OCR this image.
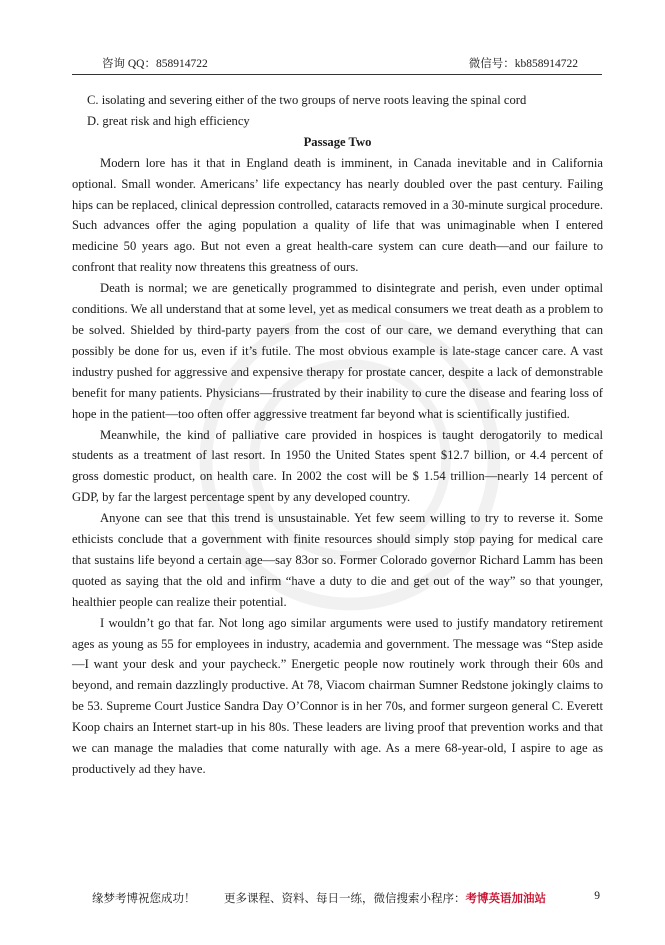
咨询 QQ：858914722	微信号：kb858914722
C. isolating and severing either of the two groups of nerve roots leaving the spinal cord
D. great risk and high efficiency
Passage Two

Modern lore has it that in England death is imminent, in Canada inevitable and in California optional. Small wonder. Americans’ life expectancy has nearly doubled over the past century. Failing hips can be replaced, clinical depression controlled, cataracts removed in a 30-minute surgical procedure. Such advances offer the aging population a quality of life that was unimaginable when I entered medicine 50 years ago. But not even a great health-care system can cure death—and our failure to confront that reality now threatens this greatness of ours.

Death is normal; we are genetically programmed to disintegrate and perish, even under optimal conditions. We all understand that at some level, yet as medical consumers we treat death as a problem to be solved. Shielded by third-party payers from the cost of our care, we demand everything that can possibly be done for us, even if it’s futile. The most obvious example is late-stage cancer care. A vast industry pushed for aggressive and expensive therapy for prostate cancer, despite a lack of demonstrable benefit for many patients. Physicians—frustrated by their inability to cure the disease and fearing loss of hope in the patient—too often offer aggressive treatment far beyond what is scientifically justified.

Meanwhile, the kind of palliative care provided in hospices is taught derogatorily to medical students as a treatment of last resort. In 1950 the United States spent $12.7 billion, or 4.4 percent of gross domestic product, on health care. In 2002 the cost will be $ 1.54 trillion—nearly 14 percent of GDP, by far the largest percentage spent by any developed country.

Anyone can see that this trend is unsustainable. Yet few seem willing to try to reverse it. Some ethicists conclude that a government with finite resources should simply stop paying for medical care that sustains life beyond a certain age—say 83or so. Former Colorado governor Richard Lamm has been quoted as saying that the old and infirm “have a duty to die and get out of the way” so that younger, healthier people can realize their potential.

I wouldn’t go that far. Not long ago similar arguments were used to justify mandatory retirement ages as young as 55 for employees in industry, academia and government. The message was “Step aside—I want your desk and your paycheck.” Energetic people now routinely work through their 60s and beyond, and remain dazzlingly productive. At 78, Viacom chairman Sumner Redstone jokingly claims to be 53. Supreme Court Justice Sandra Day O’Connor is in her 70s, and former surgeon general C. Everett Koop chairs an Internet start-up in his 80s. These leaders are living proof that prevention works and that we can manage the maladies that come naturally with age. As a mere 68-year-old, I aspire to age as productively ad they have.

缘梦考博祝您成功！ 更多课程、资料、每日一练，微信搜索小程序：考博英语加油站	9
